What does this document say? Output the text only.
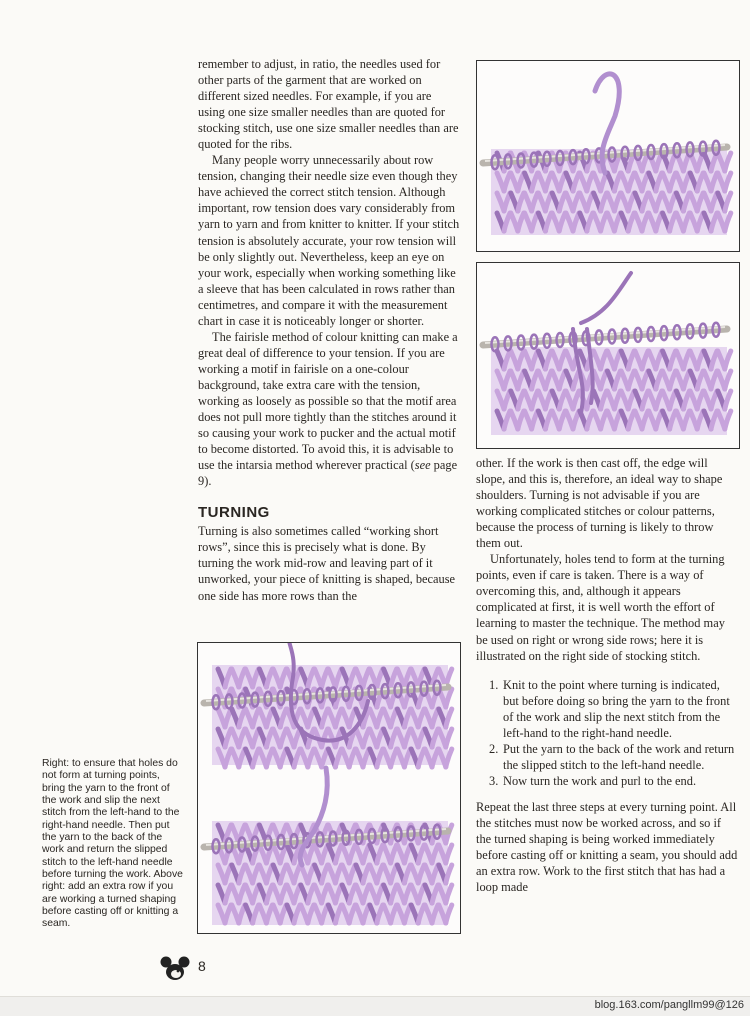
remember to adjust, in ratio, the needles used for other parts of the garment that are worked on different sized needles. For example, if you are using one size smaller needles than are quoted for stocking stitch, use one size smaller needles than are quoted for the ribs.

Many people worry unnecessarily about row tension, changing their needle size even though they have achieved the correct stitch tension. Although important, row tension does vary considerably from yarn to yarn and from knitter to knitter. If your stitch tension is absolutely accurate, your row tension will be only slightly out. Nevertheless, keep an eye on your work, especially when working something like a sleeve that has been calculated in rows rather than centimetres, and compare it with the measurement chart in case it is noticeably longer or shorter.

The fairisle method of colour knitting can make a great deal of difference to your tension. If you are working a motif in fairisle on a one-colour background, take extra care with the tension, working as loosely as possible so that the motif area does not pull more tightly than the stitches around it so causing your work to pucker and the actual motif to become distorted. To avoid this, it is advisable to use the intarsia method wherever practical (see page 9).

TURNING

Turning is also sometimes called “working short rows”, since this is precisely what is done. By turning the work mid-row and leaving part of it unworked, your piece of knitting is shaped, because one side has more rows than the

other. If the work is then cast off, the edge will slope, and this is, therefore, an ideal way to shape shoulders. Turning is not advisable if you are working complicated stitches or colour patterns, because the process of turning is likely to throw them out.

Unfortunately, holes tend to form at the turning points, even if care is taken. There is a way of overcoming this, and, although it appears complicated at first, it is well worth the effort of learning to master the technique. The method may be used on right or wrong side rows; here it is illustrated on the right side of stocking stitch.

1. Knit to the point where turning is indicated, but before doing so bring the yarn to the front of the work and slip the next stitch from the left-hand to the right-hand needle.
2. Put the yarn to the back of the work and return the slipped stitch to the left-hand needle.
3. Now turn the work and purl to the end.

Repeat the last three steps at every turning point. All the stitches must now be worked across, and so if the turned shaping is being worked immediately before casting off or knitting a seam, you should add an extra row. Work to the first stitch that has had a loop made

Right: to ensure that holes do not form at turning points, bring the yarn to the front of the work and slip the next stitch from the left-hand to the right-hand needle. Then put the yarn to the back of the work and return the slipped stitch to the left-hand needle before turning the work. Above right: add an extra row if you are working a turned shaping before casting off or knitting a seam.
8
blog.163.com/pangllm99@126
